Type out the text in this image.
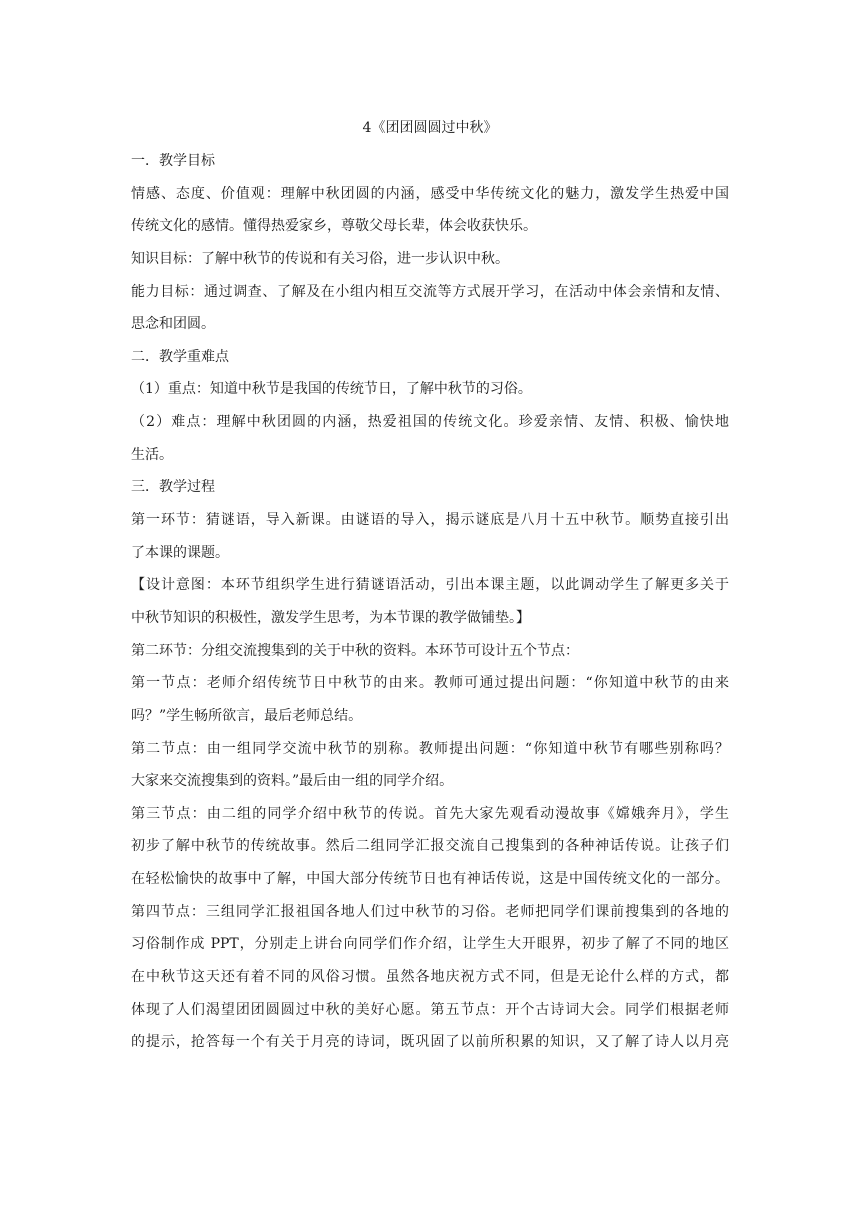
4《团团圆圆过中秋》
一．教学目标
情感、态度、价值观：理解中秋团圆的内涵，感受中华传统文化的魅力，激发学生热爱中国
传统文化的感情。懂得热爱家乡，尊敬父母长辈，体会收获快乐。
知识目标：了解中秋节的传说和有关习俗，进一步认识中秋。
能力目标：通过调查、了解及在小组内相互交流等方式展开学习，在活动中体会亲情和友情、
思念和团圆。
二．教学重难点
（1）重点：知道中秋节是我国的传统节日，了解中秋节的习俗。
（2）难点：理解中秋团圆的内涵，热爱祖国的传统文化。珍爱亲情、友情、积极、愉快地
生活。
三．教学过程
第一环节：猜谜语，导入新课。由谜语的导入，揭示谜底是八月十五中秋节。顺势直接引出
了本课的课题。
【设计意图：本环节组织学生进行猜谜语活动，引出本课主题，以此调动学生了解更多关于
中秋节知识的积极性，激发学生思考，为本节课的教学做铺垫。】
第二环节：分组交流搜集到的关于中秋的资料。本环节可设计五个节点：
第一节点：老师介绍传统节日中秋节的由来。教师可通过提出问题：“你知道中秋节的由来
吗？”学生畅所欲言，最后老师总结。
第二节点：由一组同学交流中秋节的别称。教师提出问题：“你知道中秋节有哪些别称吗？
大家来交流搜集到的资料。”最后由一组的同学介绍。
第三节点：由二组的同学介绍中秋节的传说。首先大家先观看动漫故事《嫦娥奔月》，学生
初步了解中秋节的传统故事。然后二组同学汇报交流自己搜集到的各种神话传说。让孩子们
在轻松愉快的故事中了解，中国大部分传统节日也有神话传说，这是中国传统文化的一部分。
第四节点：三组同学汇报祖国各地人们过中秋节的习俗。老师把同学们课前搜集到的各地的
习俗制作成 PPT，分别走上讲台向同学们作介绍，让学生大开眼界，初步了解了不同的地区
在中秋节这天还有着不同的风俗习惯。虽然各地庆祝方式不同，但是无论什么样的方式，都
体现了人们渴望团团圆圆过中秋的美好心愿。第五节点：开个古诗词大会。同学们根据老师
的提示，抢答每一个有关于月亮的诗词，既巩固了以前所积累的知识，又了解了诗人以月亮
